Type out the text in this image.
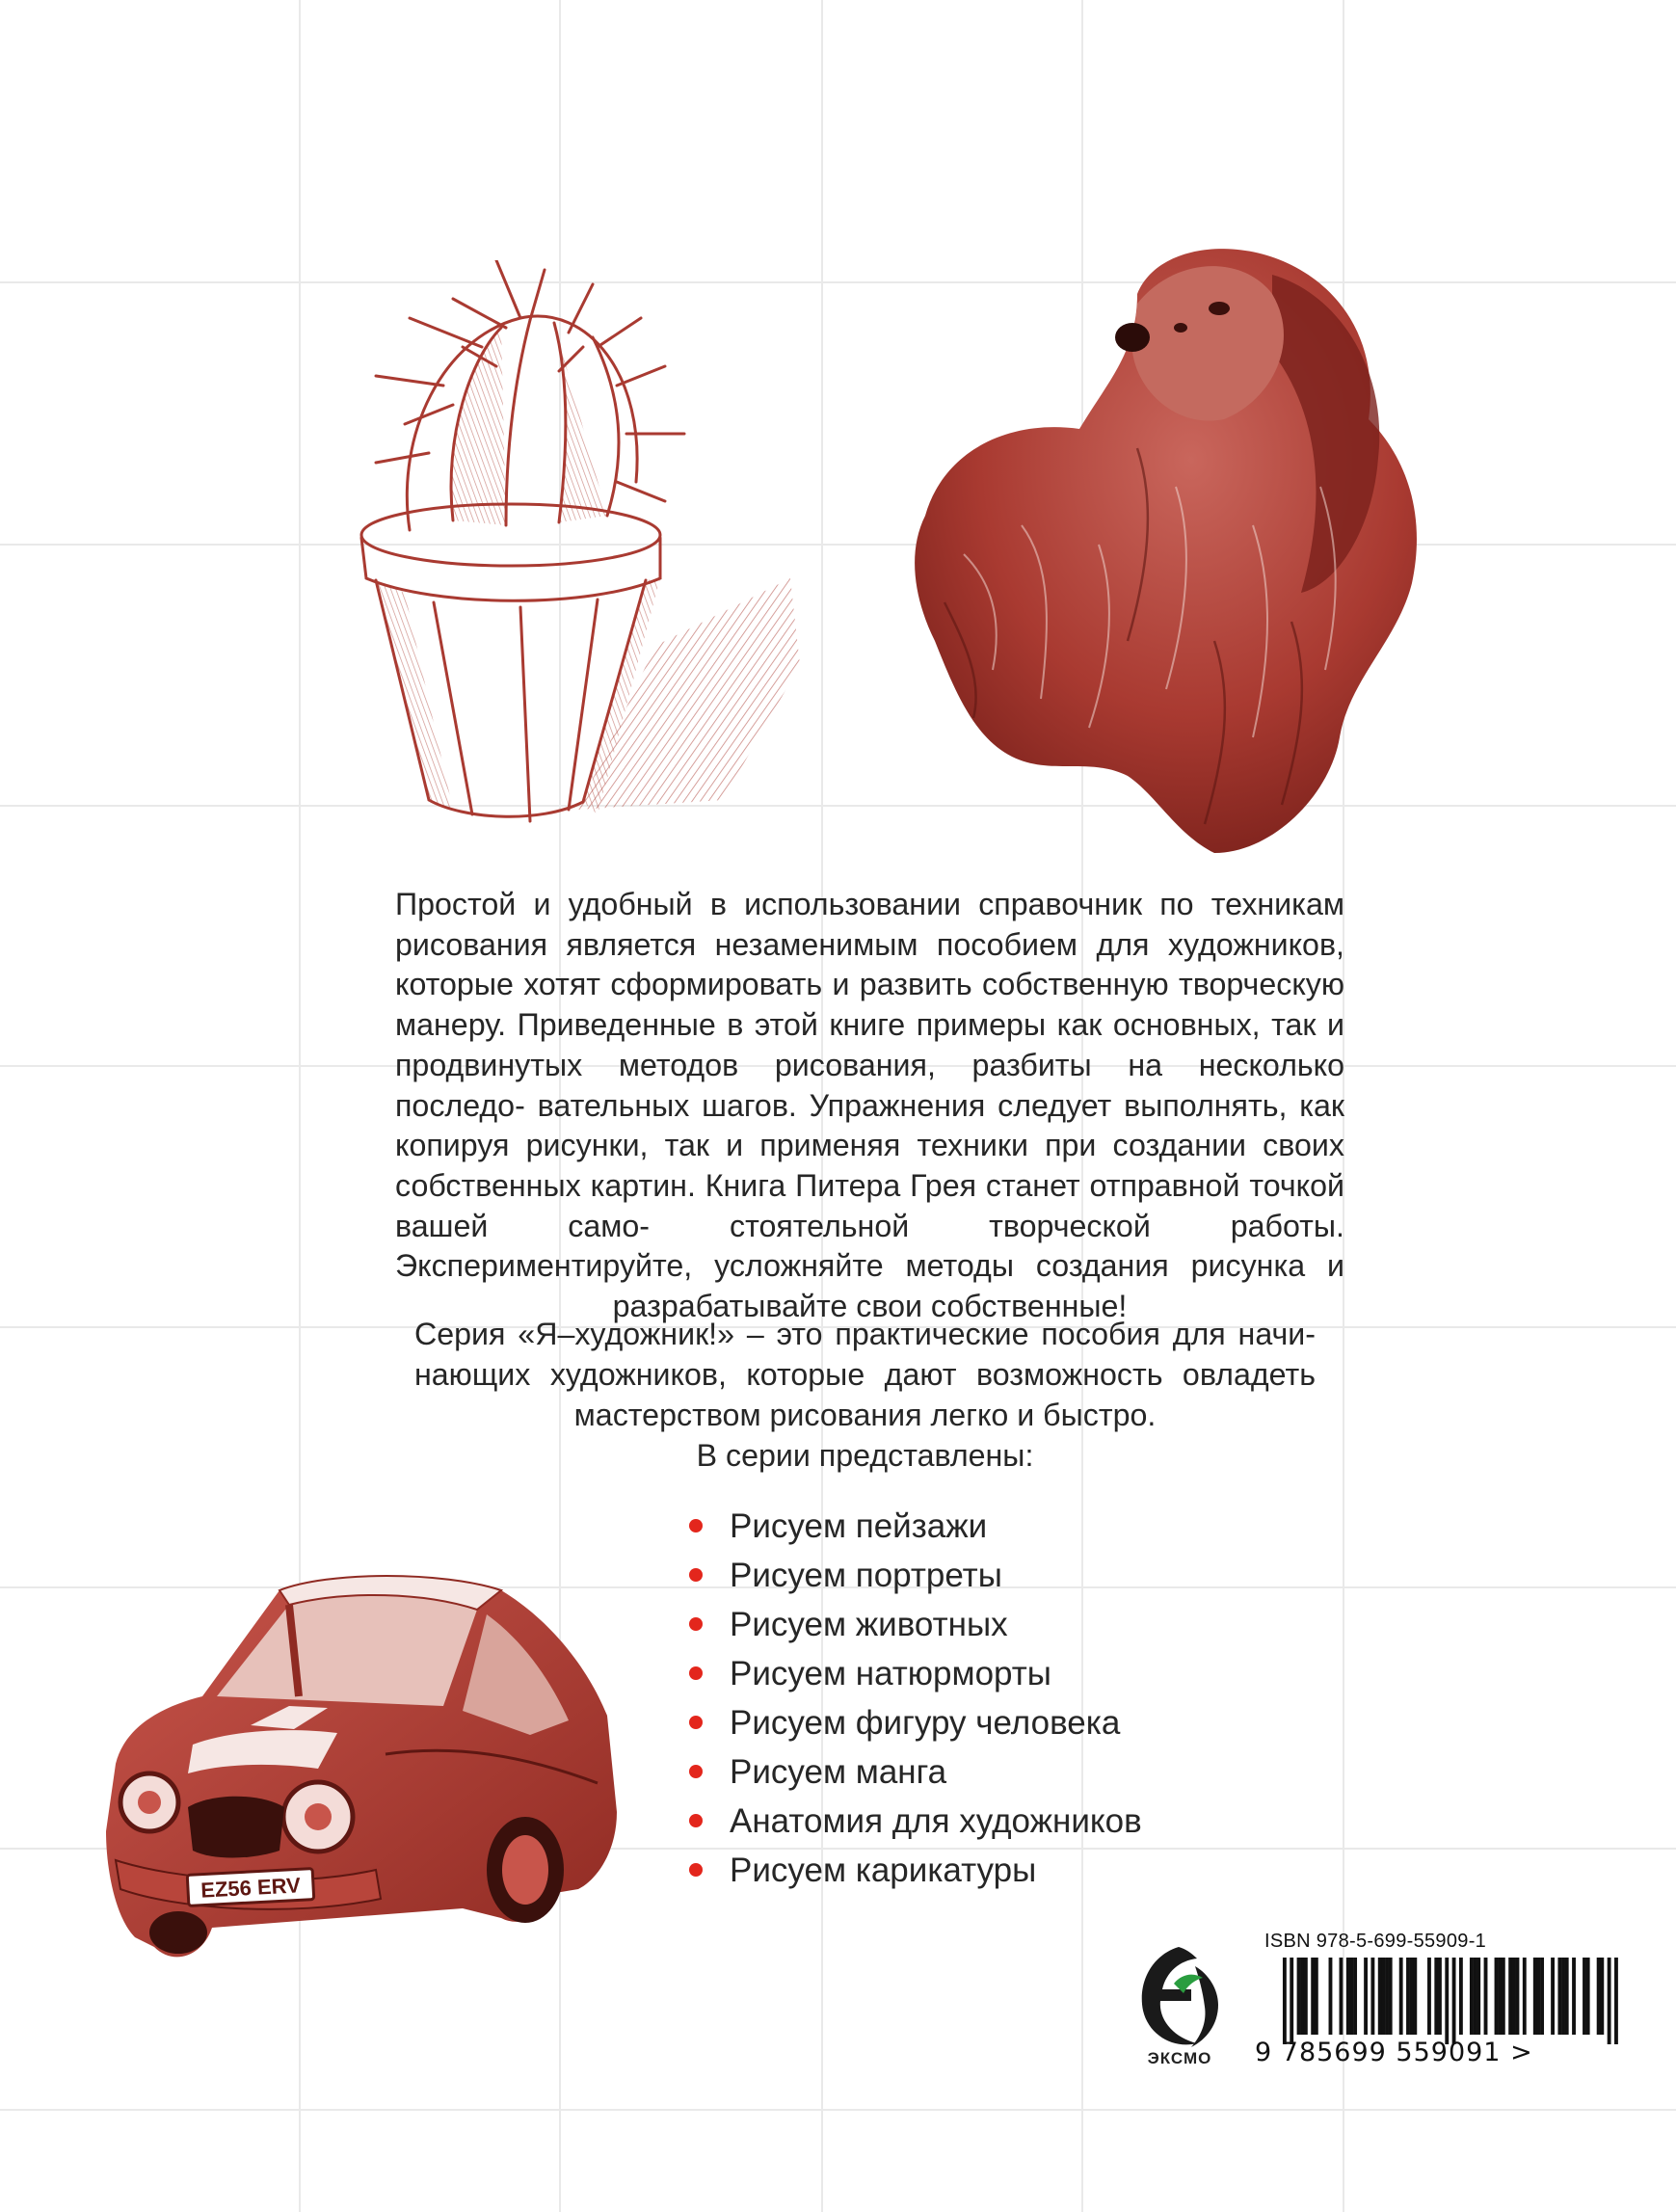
EZ56 ERV

Простой и удобный в использовании справочник по техникам рисования является незаменимым пособием для художников, которые хотят сформировать и развить собственную творческую манеру. Приведенные в этой книге примеры как основных, так и продвинутых методов рисования, разбиты на несколько последо- вательных шагов. Упражнения следует выполнять, как копируя рисунки, так и применяя техники при создании своих собственных картин. Книга Питера Грея станет отправной точкой вашей само-	стоятельной творческой работы. Экспериментируйте, усложняйте методы создания рисунка и разрабатывайте свои собственные!

Серия «Я–художник!» – это практические пособия для начи- нающих художников, которые дают возможность овладеть мастерством рисования легко и быстро.

В серии представлены:
Рисуем пейзажи
Рисуем портреты
Рисуем животных
Рисуем натюрморты
Рисуем фигуру человека
Рисуем манга
Анатомия для художников
Рисуем карикатуры
ЭКСМО
ISBN 978-5-699-55909-1
9 785699 559091 >
